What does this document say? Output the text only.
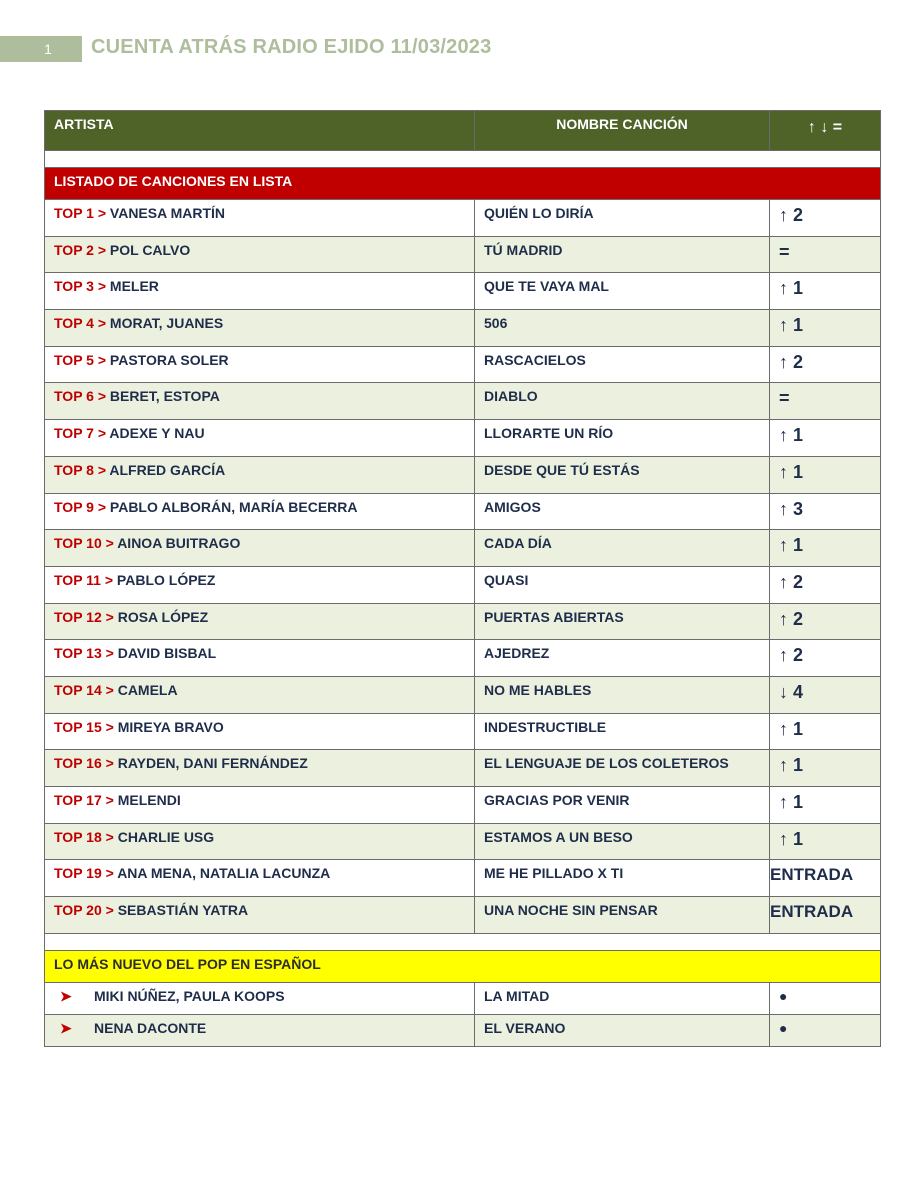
1	CUENTA ATRÁS RADIO EJIDO 11/03/2023
ARTISTA	NOMBRE CANCIÓN	↑ ↓ =

LISTADO DE CANCIONES EN LISTA		
TOP 1 > VANESA MARTÍN	QUIÉN LO DIRÍA	↑ 2
TOP 2 > POL CALVO	TÚ MADRID	=
TOP 3 > MELER	QUE TE VAYA MAL	↑ 1
TOP 4 > MORAT, JUANES	506	↑ 1
TOP 5 > PASTORA SOLER	RASCACIELOS	↑ 2
TOP 6 > BERET, ESTOPA	DIABLO	=
TOP 7 > ADEXE Y NAU	LLORARTE UN RÍO	↑ 1
TOP 8 > ALFRED GARCÍA	DESDE QUE TÚ ESTÁS	↑ 1
TOP 9 > PABLO ALBORÁN, MARÍA BECERRA	AMIGOS	↑ 3
TOP 10 > AINOA BUITRAGO	CADA DÍA	↑ 1
TOP 11 > PABLO LÓPEZ	QUASI	↑ 2
TOP 12 > ROSA LÓPEZ	PUERTAS ABIERTAS	↑ 2
TOP 13 > DAVID BISBAL	AJEDREZ	↑ 2
TOP 14 > CAMELA	NO ME HABLES	↓ 4
TOP 15 > MIREYA BRAVO	INDESTRUCTIBLE	↑ 1
TOP 16 > RAYDEN, DANI FERNÁNDEZ	EL LENGUAJE DE LOS COLETEROS	↑ 1
TOP 17 > MELENDI	GRACIAS POR VENIR	↑ 1
TOP 18 > CHARLIE USG	ESTAMOS A UN BESO	↑ 1
TOP 19 > ANA MENA, NATALIA LACUNZA	ME HE PILLADO X TI	ENTRADA
TOP 20 > SEBASTIÁN YATRA	UNA NOCHE SIN PENSAR	ENTRADA

LO MÁS NUEVO DEL POP EN ESPAÑOL		
➤ MIKI NÚÑEZ, PAULA KOOPS	LA MITAD	●
➤ NENA DACONTE	EL VERANO	●
